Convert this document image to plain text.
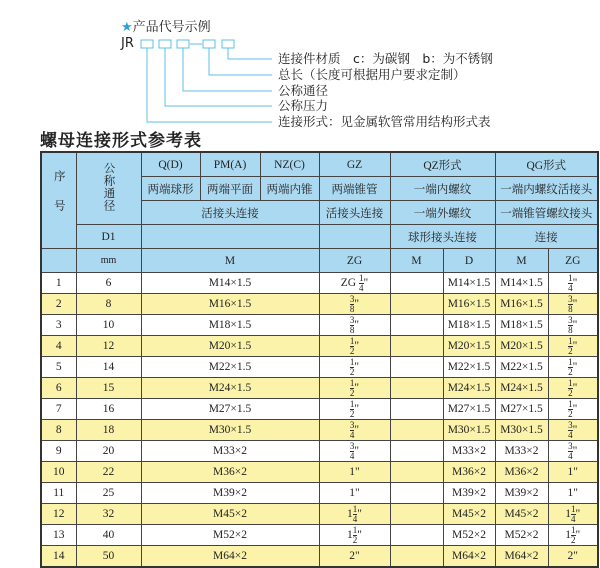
★产品代号示例
JR
连接件材质　c：为碳钢　b：为不锈钢
总长（长度可根据用户要求定制）
公称通径
公称压力
连接形式：见金属软管常用结构形式表
螺母连接形式参考表
序号	公称通径	Q(D)	PM(A)	NZ(C)	GZ	QZ形式		QG形式	
		两端球形	两端平面	两端内锥	两端锥管	一端内螺纹		一端内螺纹活接头	
		活接头连接			活接头连接	一端外螺纹		一端锥管螺纹接头	
	D1					球形接头连接		连接	
	mm	M			ZG	M	D	M	ZG
1	6	M14×1.5			ZG $\frac{1}{4}$ "		M14×1.5	M14×1.5	$\frac{1}{4}$ "
2	8	M16×1.5			$\frac{3}{8}$ "		M16×1.5	M16×1.5	$\frac{3}{8}$ "
3	10	M18×1.5			$\frac{3}{8}$ "		M18×1.5	M18×1.5	$\frac{3}{8}$ "
4	12	M20×1.5			$\frac{1}{2}$ "		M20×1.5	M20×1.5	$\frac{1}{2}$ "
5	14	M22×1.5			$\frac{1}{2}$ "		M22×1.5	M22×1.5	$\frac{1}{2}$ "
6	15	M24×1.5			$\frac{1}{2}$ "		M24×1.5	M24×1.5	$\frac{1}{2}$ "
7	16	M27×1.5			$\frac{1}{2}$ "		M27×1.5	M27×1.5	$\frac{1}{2}$ "
8	18	M30×1.5			$\frac{3}{4}$ "		M30×1.5	M30×1.5	$\frac{3}{4}$ "
9	20	M33×2			$\frac{3}{4}$ "		M33×2	M33×2	$\frac{3}{4}$ "
10	22	M36×2			1"		M36×2	M36×2	1"
11	25	M39×2			1"		M39×2	M39×2	1"
12	32	M45×2			$1 \frac{1}{4}$ "		M45×2	M45×2	$1 \frac{1}{4}$ "
13	40	M52×2			$1 \frac{1}{2}$ "		M52×2	M52×2	$1 \frac{1}{2}$ "
14	50	M64×2			2"		M64×2	M64×2	2"
